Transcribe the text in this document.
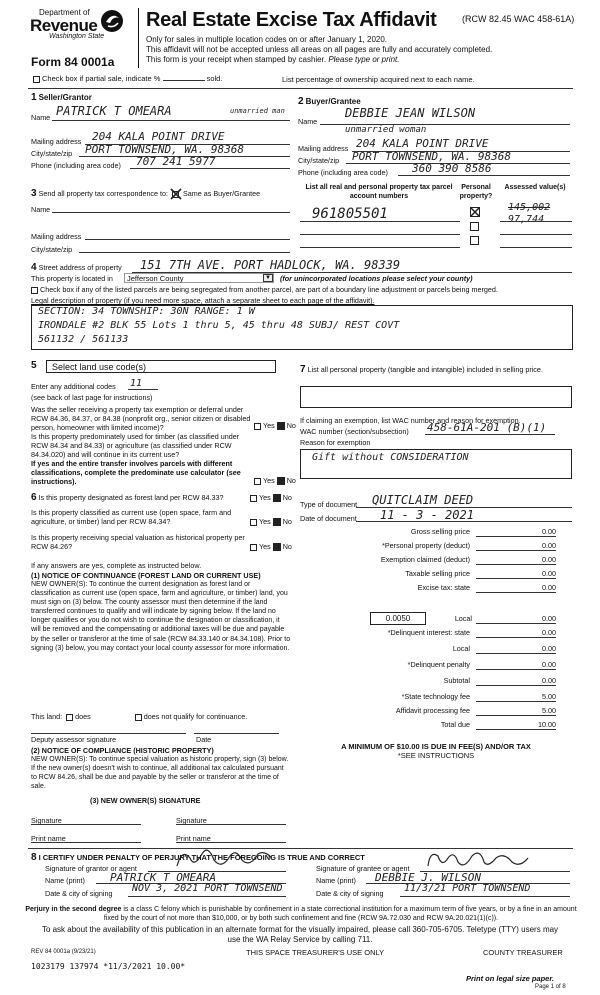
Department of
Revenue
Washington State
Form 84 0001a
Real Estate Excise Tax Affidavit	(RCW 82.45 WAC 458-61A)
Only for sales in multiple location codes on or after January 1, 2020.
This affidavit will not be accepted unless all areas on all pages are fully and accurately completed.
This form is your receipt when stamped by cashier. Please type or print.
Check box if partial sale, indicate %	sold.	List percentage of ownership acquired next to each name.
1 Seller/Grantor
Name PATRICK T OMEARA	unmarried man
Mailing address 204 KALA POINT DRIVE
City/state/zip PORT TOWNSEND, WA. 98368
Phone (including area code) 707 241 5977
2 Buyer/Grantee
Name
DEBBIE JEAN WILSON
unmarried woman
Mailing address 204 KALA POINT DRIVE
City/state/zip PORT TOWNSEND, WA. 98368
Phone (including area code) 360 390 8586
3 Send all property tax correspondence to: Same as Buyer/Grantee
Name
Mailing address
City/state/zip
List all real and personal property tax parcel account numbers
Personal property?
Assessed value(s)
961805501	145,002
97,744
4 Street address of property 151 7TH AVE. PORT HADLOCK, WA. 98339
This property is located in	Jefferson County	▼ (for unincorporated locations please select your county)
Check box if any of the listed parcels are being segregated from another parcel, are part of a boundary line adjustment or parcels being merged.
Legal description of property (if you need more space, attach a separate sheet to each page of the affidavit).
SECTION: 34 TOWNSHIP: 30N RANGE: 1 W
IRONDALE #2 BLK 55 Lots 1 thru 5, 45 thru 48 SUBJ/ REST COVT
561132 / 561133
5	Select land use code(s)
Enter any additional codes 11
(see back of last page for instructions)
Was the seller receiving a property tax exemption or deferral under RCW 84.36, 84.37, or 84.38 (nonprofit org., senior citizen or disabled person, homeowner with limited income)?	Yes No
Is this property predominately used for timber (as classified under RCW 84.34 and 84.33) or agriculture (as classified under RCW 84.34.020) and will continue in its current use?
If yes and the entire transfer involves parcels with different classifications, complete the predominate use calculator (see instructions).	Yes No
7 List all personal property (tangible and intangible) included in selling price.
If claiming an exemption, list WAC number and reason for exemption.
WAC number (section/subsection) 458-61A-201 (B)(1)
Reason for exemption
Gift without CONSIDERATION
6 Is this property designated as forest land per RCW 84.33?	Yes No
Is this property classified as current use (open space, farm and agriculture, or timber) land per RCW 84.34?	Yes No
Is this property receiving special valuation as historical property per RCW 84.26?	Yes No
If any answers are yes, complete as instructed below.
(1) NOTICE OF CONTINUANCE (FOREST LAND OR CURRENT USE)
NEW OWNER(S): To continue the current designation as forest land or classification as current use (open space, farm and agriculture, or timber) land, you must sign on (3) below. The county assessor must then determine if the land transferred continues to qualify and will indicate by signing below. If the land no longer qualifies or you do not wish to continue the designation or classification, it will be removed and the compensating or additional taxes will be due and payable by the seller or transferor at the time of sale (RCW 84.33.140 or 84.34.108). Prior to signing (3) below, you may contact your local county assessor for more information.
This land: does	does not qualify for continuance.
Deputy assessor signature	Date
(2) NOTICE OF COMPLIANCE (HISTORIC PROPERTY)
NEW OWNER(S): To continue special valuation as historic property, sign (3) below. If the new owner(s) doesn't wish to continue, all additional tax calculated pursuant to RCW 84.26, shall be due and payable by the seller or transferor at the time of sale.
(3) NEW OWNER(S) SIGNATURE
Signature	Signature
Print name	Print name
Type of document QUITCLAIM DEED
Date of document 11 - 3 - 2021
Gross selling price	0.00
*Personal property (deduct)	0.00
Exemption claimed (deduct)	0.00
Taxable selling price	0.00
Excise tax: state	0.00
0.0050	Local	0.00
*Delinquent interest: state	0.00
Local	0.00
*Delinquent penalty	0.00
Subtotal	0.00
*State technology fee	5.00
Affidavit processing fee	5.00
Total due	10.00
A MINIMUM OF $10.00 IS DUE IN FEE(S) AND/OR TAX
*SEE INSTRUCTIONS
8 I CERTIFY UNDER PENALTY OF PERJURY THAT THE FOREGOING IS TRUE AND CORRECT
Signature of grantor or agent
Name (print) PATRICK T OMEARA
Date & city of signing NOV 3, 2021 PORT TOWNSEND
Signature of grantee or agent
Name (print) DEBBIE J. WILSON
Date & city of signing 11/3/21 PORT TOWNSEND
Perjury in the second degree is a class C felony which is punishable by confinement in a state correctional institution for a maximum term of five years, or by a fine in an amount fixed by the court of not more than $10,000, or by both such confinement and fine (RCW 9A.72.030 and RCW 9A.20.021(1)(c)).
To ask about the availability of this publication in an alternate format for the visually impaired, please call 360-705-6705. Teletype (TTY) users may use the WA Relay Service by calling 711.
REV 84 0001a (9/23/21)	THIS SPACE TREASURER'S USE ONLY	COUNTY TREASURER
1023179 137974 *11/3/2021 10.00*
Print on legal size paper.
Page 1 of 8
